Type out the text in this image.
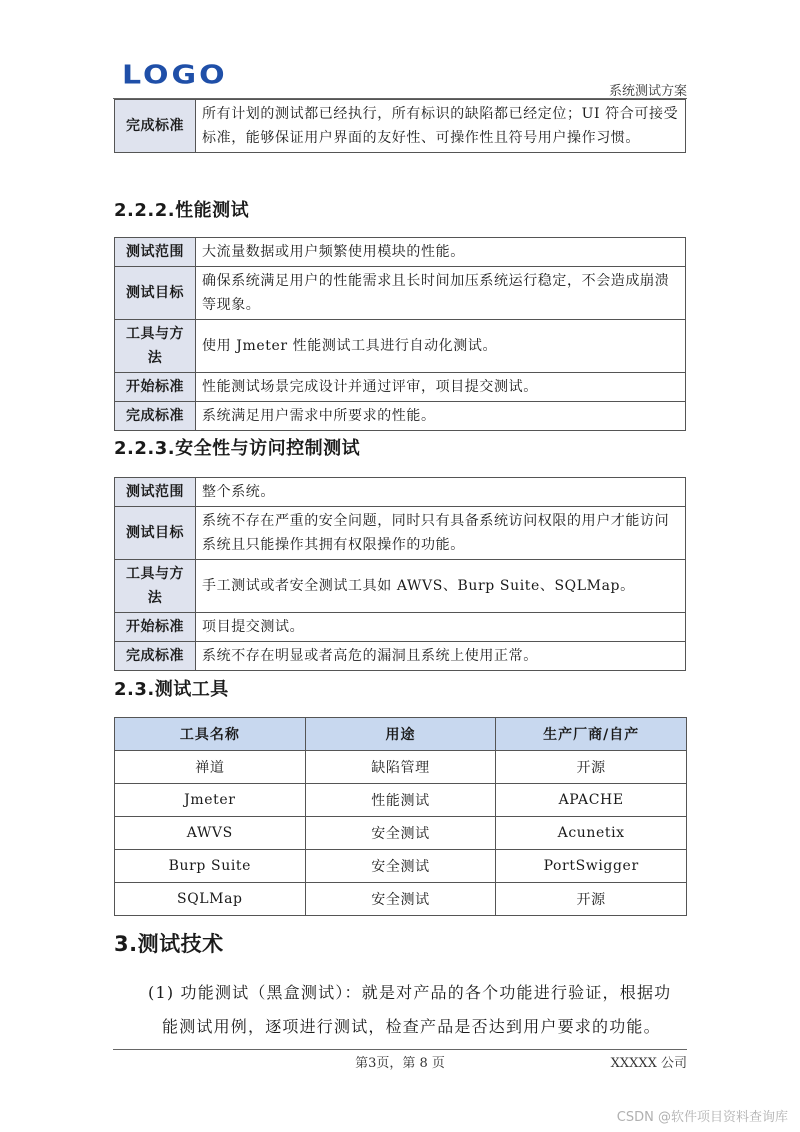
LOGO
系统测试方案
完成标准	所有计划的测试都已经执行，所有标识的缺陷都已经定位；UI 符合可接受标准，能够保证用户界面的友好性、可操作性且符号用户操作习惯。
2.2.2.性能测试
测试范围	大流量数据或用户频繁使用模块的性能。
测试目标	确保系统满足用户的性能需求且长时间加压系统运行稳定，不会造成崩溃等现象。
工具与方法	使用 Jmeter 性能测试工具进行自动化测试。
开始标准	性能测试场景完成设计并通过评审，项目提交测试。
完成标准	系统满足用户需求中所要求的性能。
2.2.3.安全性与访问控制测试
测试范围	整个系统。
测试目标	系统不存在严重的安全问题，同时只有具备系统访问权限的用户才能访问系统且只能操作其拥有权限操作的功能。
工具与方法	手工测试或者安全测试工具如 AWVS、Burp Suite、SQLMap。
开始标准	项目提交测试。
完成标准	系统不存在明显或者高危的漏洞且系统上使用正常。
2.3.测试工具
工具名称	用途	生产厂商/自产
禅道	缺陷管理	开源
Jmeter	性能测试	APACHE
AWVS	安全测试	Acunetix
Burp Suite	安全测试	PortSwigger
SQLMap	安全测试	开源
3.测试技术

(1) 功能测试（黑盒测试）：就是对产品的各个功能进行验证，根据功
能测试用例，逐项进行测试，检查产品是否达到用户要求的功能。

第3页，第 8 页	XXXXX 公司
CSDN @软件项目资料查询库
